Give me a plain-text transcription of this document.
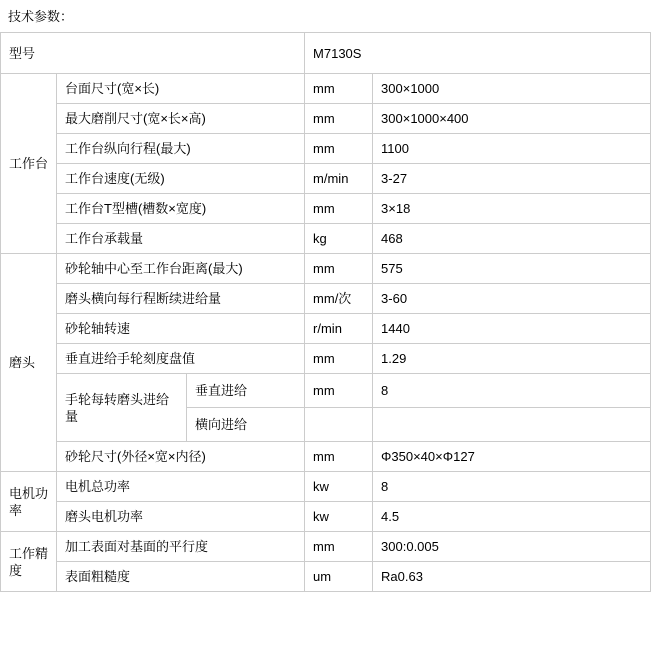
技术参数：
型号			M7130S	
工作台	台面尺寸(宽×长)		mm	300×1000
	最大磨削尺寸(宽×长×高)		mm	300×1000×400
	工作台纵向行程(最大)		mm	1100
	工作台速度(无级)		m/min	3-27
	工作台T型槽(槽数×宽度)		mm	3×18
	工作台承载量		kg	468
磨头	砂轮轴中心至工作台距离(最大)		mm	575
	磨头横向每行程断续进给量		mm/次	3-60
	砂轮轴转速		r/min	1440
	垂直进给手轮刻度盘值		mm	1.29
	手轮每转磨头进给量	垂直进给	mm	8
		横向进给		
	砂轮尺寸(外径×宽×内径)		mm	Φ350×40×Φ127
电机功率	电机总功率		kw	8
	磨头电机功率		kw	4.5
工作精度	加工表面对基面的平行度		mm	300:0.005
	表面粗糙度		um	Ra0.63
